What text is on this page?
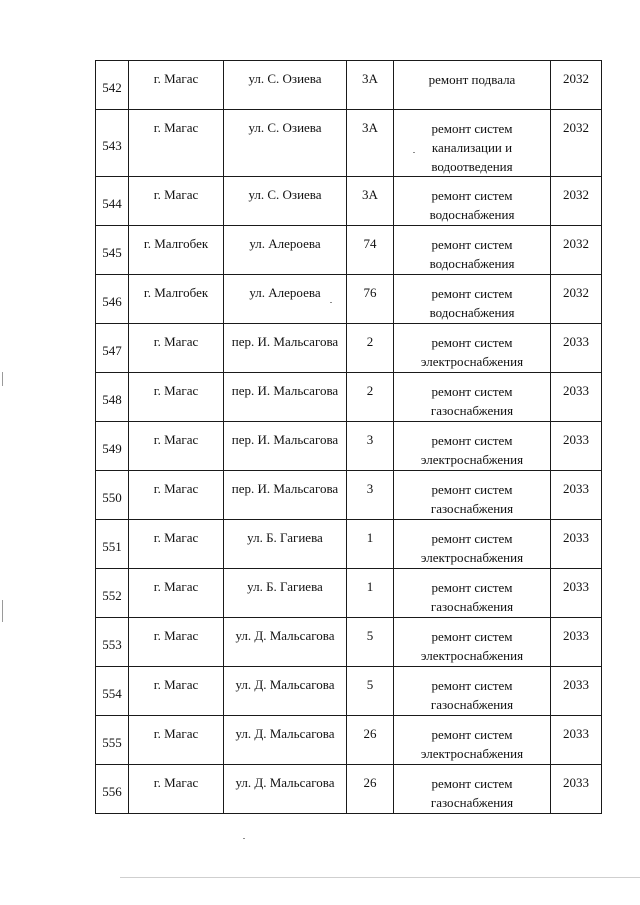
542	г. Магас	ул. С. Озиева	3А	ремонт подвала	2032
543	г. Магас	ул. С. Озиева	3А	ремонт систем канализации и водоотведения	2032
544	г. Магас	ул. С. Озиева	3А	ремонт систем водоснабжения	2032
545	г. Малгобек	ул. Алероева	74	ремонт систем водоснабжения	2032
546	г. Малгобек	ул. Алероева	76	ремонт систем водоснабжения	2032
547	г. Магас	пер. И. Мальсагова	2	ремонт систем электроснабжения	2033
548	г. Магас	пер. И. Мальсагова	2	ремонт систем газоснабжения	2033
549	г. Магас	пер. И. Мальсагова	3	ремонт систем электроснабжения	2033
550	г. Магас	пер. И. Мальсагова	3	ремонт систем газоснабжения	2033
551	г. Магас	ул. Б. Гагиева	1	ремонт систем электроснабжения	2033
552	г. Магас	ул. Б. Гагиева	1	ремонт систем газоснабжения	2033
553	г. Магас	ул. Д. Мальсагова	5	ремонт систем электроснабжения	2033
554	г. Магас	ул. Д. Мальсагова	5	ремонт систем газоснабжения	2033
555	г. Магас	ул. Д. Мальсагова	26	ремонт систем электроснабжения	2033
556	г. Магас	ул. Д. Мальсагова	26	ремонт систем газоснабжения	2033
